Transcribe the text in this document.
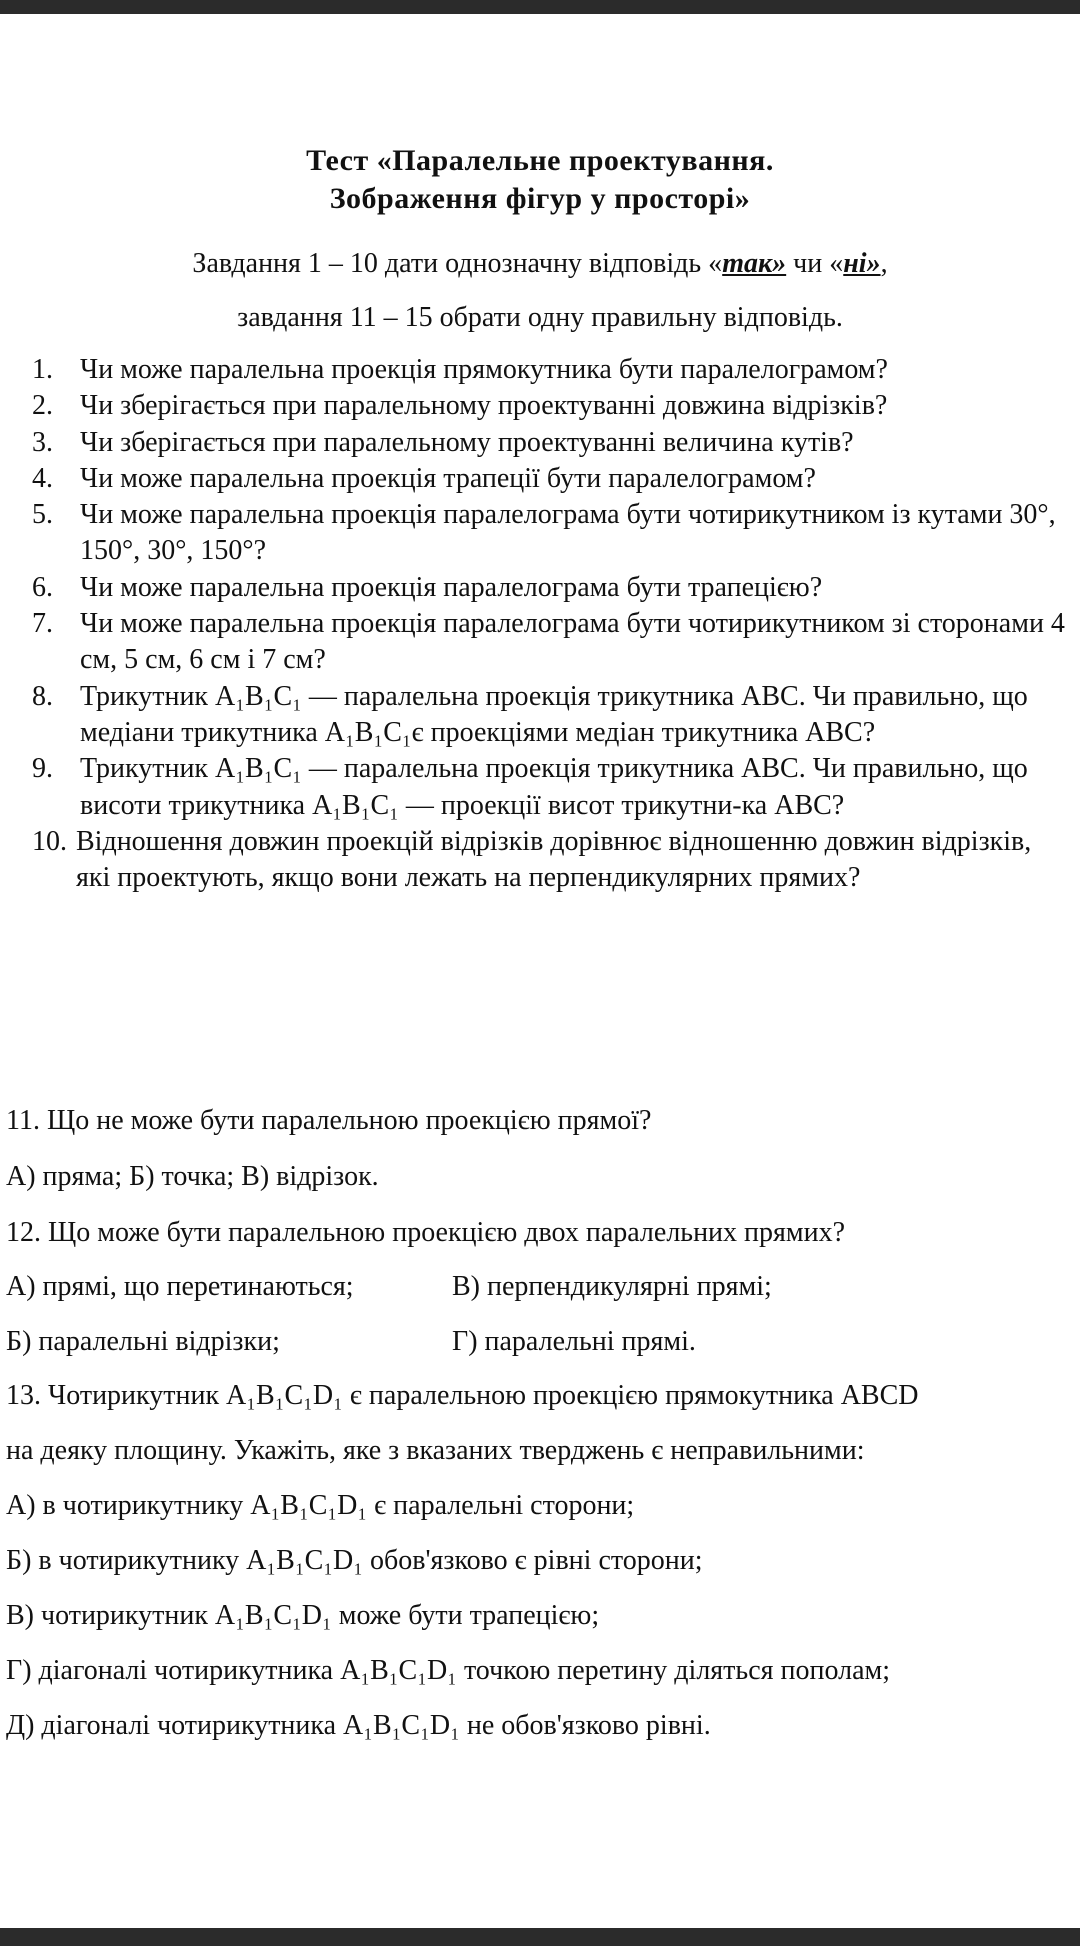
Тест «Паралельне проектування.
Зображення фігур у просторі»
Завдання 1 – 10 дати однозначну відповідь «так» чи «ні»,
завдання 11 – 15 обрати одну правильну відповідь.
1. Чи може паралельна проекція прямокутника бути паралелограмом?
2. Чи зберігається при паралельному проектуванні довжина відрізків?
3. Чи зберігається при паралельному проектуванні величина кутів?
4. Чи може паралельна проекція трапеції бути паралелограмом?
5. Чи може паралельна проекція паралелограма бути чотирикутником із кутами 30°, 150°, 30°, 150°?
6. Чи може паралельна проекція паралелограма бути трапецією?
7. Чи може паралельна проекція паралелограма бути чотирикутником зі сторонами 4 см, 5 см, 6 см і 7 см?
8. Трикутник A₁B₁C₁ — паралельна проекція трикутника ABC. Чи правильно, що медіани трикутника A₁B₁C₁є проекціями медіан трикутника ABC?
9. Трикутник A₁B₁C₁ — паралельна проекція трикутника ABC. Чи правильно, що висоти трикутника A₁B₁C₁ — проекції висот трикутни-ка ABC?
10. Відношення довжин проекцій відрізків дорівнює відношенню довжин відрізків, які проектують, якщо вони лежать на перпендикулярних прямих?
11. Що не може бути паралельною проекцією прямої?
А) пряма; Б) точка; В) відрізок.
12. Що може бути паралельною проекцією двох паралельних прямих?
А) прямі, що перетинаються;	В) перпендикулярні прямі;
Б) паралельні відрізки;	Г) паралельні прямі.
13. Чотирикутник A₁B₁C₁D₁ є паралельною проекцією прямокутника ABCD
на деяку площину. Укажіть, яке з вказаних тверджень є неправильними:
А) в чотирикутнику A₁B₁C₁D₁ є паралельні сторони;
Б) в чотирикутнику A₁B₁C₁D₁ обов'язково є рівні сторони;
В) чотирикутник A₁B₁C₁D₁ може бути трапецією;
Г) діагоналі чотирикутника A₁B₁C₁D₁ точкою перетину діляться пополам;
Д) діагоналі чотирикутника A₁B₁C₁D₁ не обов'язково рівні.
